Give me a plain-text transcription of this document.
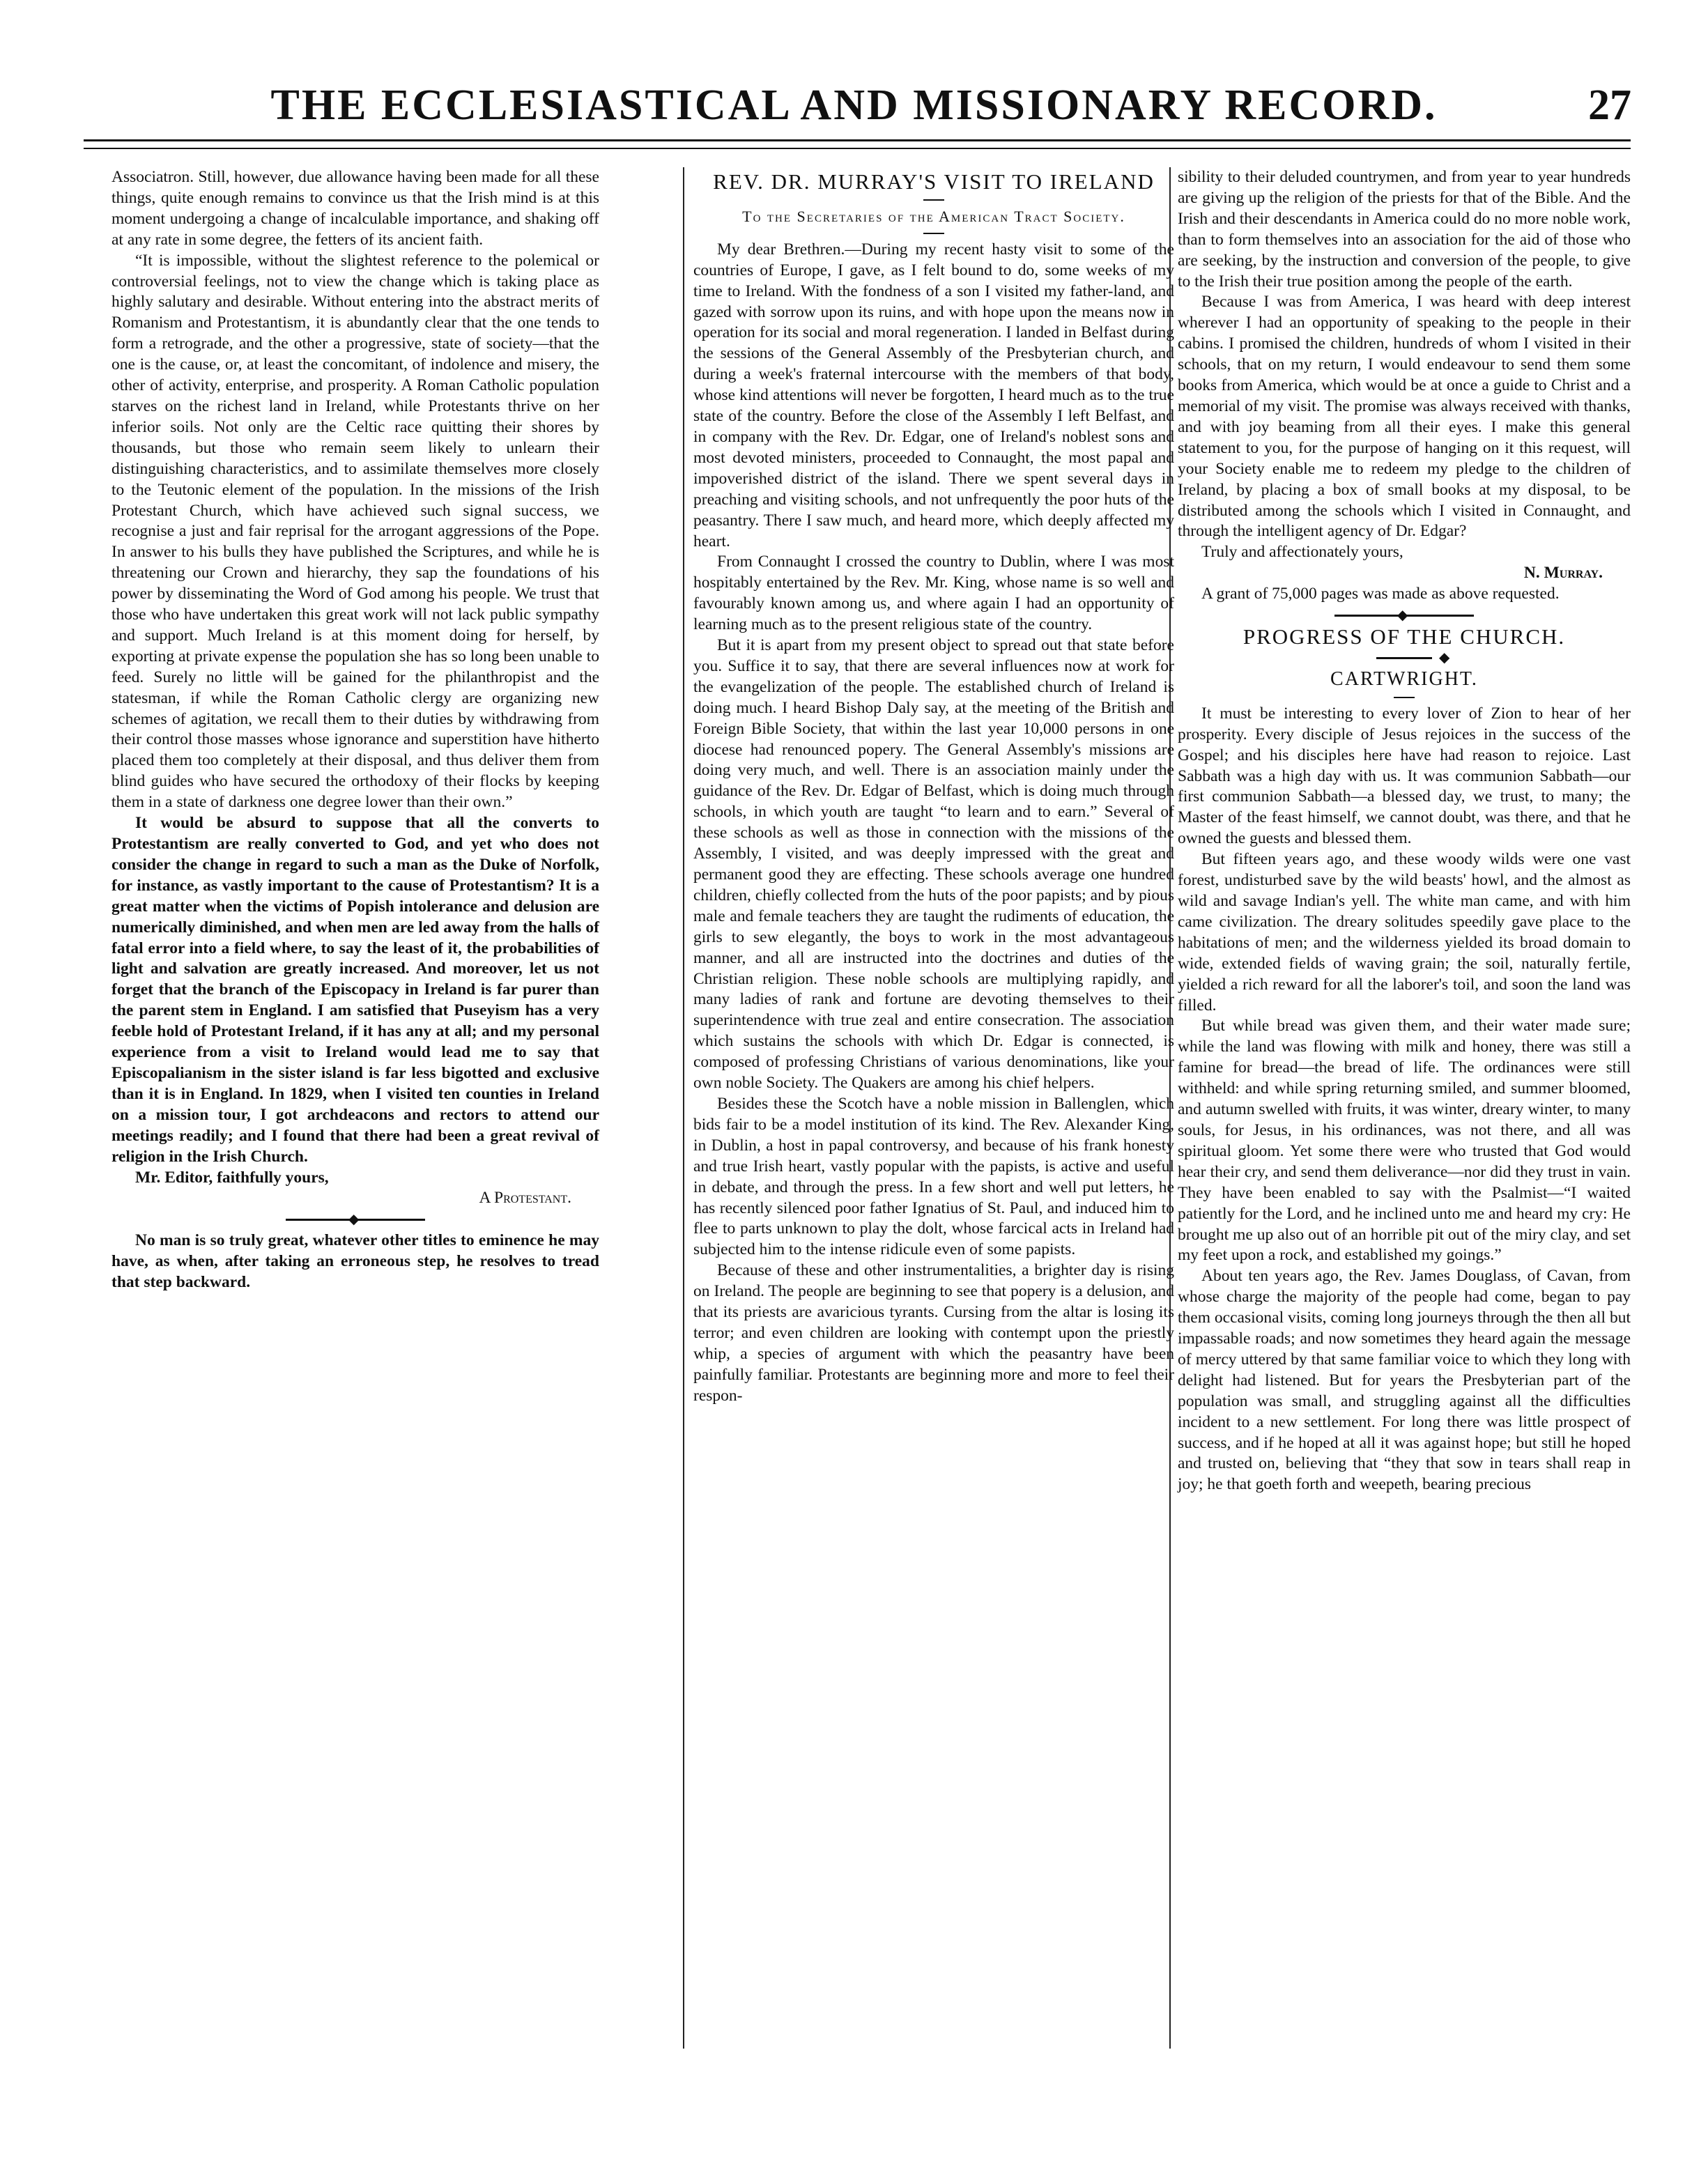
THE ECCLESIASTICAL AND MISSIONARY RECORD.	27

Associatron. Still, however, due allowance having been made for all these things, quite enough remains to convince us that the Irish mind is at this moment undergoing a change of incalculable importance, and shaking off at any rate in some degree, the fetters of its ancient faith.

“It is impossible, without the slightest reference to the polemical or controversial feelings, not to view the change which is taking place as highly salutary and desirable. Without entering into the abstract merits of Romanism and Protestantism, it is abundantly clear that the one tends to form a retrograde, and the other a progressive, state of society—that the one is the cause, or, at least the concomitant, of indolence and misery, the other of activity, enterprise, and prosperity. A Roman Catholic population starves on the richest land in Ireland, while Protestants thrive on her inferior soils. Not only are the Celtic race quitting their shores by thousands, but those who remain seem likely to unlearn their distinguishing characteristics, and to assimilate themselves more closely to the Teutonic element of the population. In the missions of the Irish Protestant Church, which have achieved such signal success, we recognise a just and fair reprisal for the arrogant aggressions of the Pope. In answer to his bulls they have published the Scriptures, and while he is threatening our Crown and hierarchy, they sap the foundations of his power by disseminating the Word of God among his people. We trust that those who have undertaken this great work will not lack public sympathy and support. Much Ireland is at this moment doing for herself, by exporting at private expense the population she has so long been unable to feed. Surely no little will be gained for the philanthropist and the statesman, if while the Roman Catholic clergy are organizing new schemes of agitation, we recall them to their duties by withdrawing from their control those masses whose ignorance and superstition have hitherto placed them too completely at their disposal, and thus deliver them from blind guides who have secured the orthodoxy of their flocks by keeping them in a state of darkness one degree lower than their own.”

It would be absurd to suppose that all the converts to Protestantism are really converted to God, and yet who does not consider the change in regard to such a man as the Duke of Norfolk, for instance, as vastly important to the cause of Protestantism? It is a great matter when the victims of Popish intolerance and delusion are numerically diminished, and when men are led away from the halls of fatal error into a field where, to say the least of it, the probabilities of light and salvation are greatly increased. And moreover, let us not forget that the branch of the Episcopacy in Ireland is far purer than the parent stem in England. I am satisfied that Puseyism has a very feeble hold of Protestant Ireland, if it has any at all; and my personal experience from a visit to Ireland would lead me to say that Episcopalianism in the sister island is far less bigotted and exclusive than it is in England. In 1829, when I visited ten counties in Ireland on a mission tour, I got archdeacons and rectors to attend our meetings readily; and I found that there had been a great revival of religion in the Irish Church.

Mr. Editor, faithfully yours,

A Protestant.

◆

No man is so truly great, whatever other titles to eminence he may have, as when, after taking an erroneous step, he resolves to tread that step backward.

REV. DR. MURRAY'S VISIT TO IRELAND
To the Secretaries of the American Tract Society.

My dear Brethren.—During my recent hasty visit to some of the countries of Europe, I gave, as I felt bound to do, some weeks of my time to Ireland. With the fondness of a son I visited my father-land, and gazed with sorrow upon its ruins, and with hope upon the means now in operation for its social and moral regeneration. I landed in Belfast during the sessions of the General Assembly of the Presbyterian church, and during a week's fraternal intercourse with the members of that body, whose kind attentions will never be forgotten, I heard much as to the true state of the country. Before the close of the Assembly I left Belfast, and in company with the Rev. Dr. Edgar, one of Ireland's noblest sons and most devoted ministers, proceeded to Connaught, the most papal and impoverished district of the island. There we spent several days in preaching and visiting schools, and not unfrequently the poor huts of the peasantry. There I saw much, and heard more, which deeply affected my heart.

From Connaught I crossed the country to Dublin, where I was most hospitably entertained by the Rev. Mr. King, whose name is so well and favourably known among us, and where again I had an opportunity of learning much as to the present religious state of the country.

But it is apart from my present object to spread out that state before you. Suffice it to say, that there are several influences now at work for the evangelization of the people. The established church of Ireland is doing much. I heard Bishop Daly say, at the meeting of the British and Foreign Bible Society, that within the last year 10,000 persons in one diocese had renounced popery. The General Assembly's missions are doing very much, and well. There is an association mainly under the guidance of the Rev. Dr. Edgar of Belfast, which is doing much through schools, in which youth are taught “to learn and to earn.” Several of these schools as well as those in connection with the missions of the Assembly, I visited, and was deeply impressed with the great and permanent good they are effecting. These schools average one hundred children, chiefly collected from the huts of the poor papists; and by pious male and female teachers they are taught the rudiments of education, the girls to sew elegantly, the boys to work in the most advantageous manner, and all are instructed into the doctrines and duties of the Christian religion. These noble schools are multiplying rapidly, and many ladies of rank and fortune are devoting themselves to their superintendence with true zeal and entire consecration. The association which sustains the schools with which Dr. Edgar is connected, is composed of professing Christians of various denominations, like your own noble Society. The Quakers are among his chief helpers.

Besides these the Scotch have a noble mission in Ballenglen, which bids fair to be a model institution of its kind. The Rev. Alexander King, in Dublin, a host in papal controversy, and because of his frank honesty and true Irish heart, vastly popular with the papists, is active and useful in debate, and through the press. In a few short and well put letters, he has recently silenced poor father Ignatius of St. Paul, and induced him to flee to parts unknown to play the dolt, whose farcical acts in Ireland had subjected him to the intense ridicule even of some papists.

Because of these and other instrumentalities, a brighter day is rising on Ireland. The people are beginning to see that popery is a delusion, and that its priests are avaricious tyrants. Cursing from the altar is losing its terror; and even children are looking with contempt upon the priestly whip, a species of argument with which the peasantry have been painfully familiar. Protestants are beginning more and more to feel their respon-

sibility to their deluded countrymen, and from year to year hundreds are giving up the religion of the priests for that of the Bible. And the Irish and their descendants in America could do no more noble work, than to form themselves into an association for the aid of those who are seeking, by the instruction and conversion of the people, to give to the Irish their true position among the people of the earth.

Because I was from America, I was heard with deep interest wherever I had an opportunity of speaking to the people in their cabins. I promised the children, hundreds of whom I visited in their schools, that on my return, I would endeavour to send them some books from America, which would be at once a guide to Christ and a memorial of my visit. The promise was always received with thanks, and with joy beaming from all their eyes. I make this general statement to you, for the purpose of hanging on it this request, will your Society enable me to redeem my pledge to the children of Ireland, by placing a box of small books at my disposal, to be distributed among the schools which I visited in Connaught, and through the intelligent agency of Dr. Edgar?

Truly and affectionately yours,

N. Murray.

A grant of 75,000 pages was made as above requested.

◆
PROGRESS OF THE CHURCH.
◆
CARTWRIGHT.

It must be interesting to every lover of Zion to hear of her prosperity. Every disciple of Jesus rejoices in the success of the Gospel; and his disciples here have had reason to rejoice. Last Sabbath was a high day with us. It was communion Sabbath—our first communion Sabbath—a blessed day, we trust, to many; the Master of the feast himself, we cannot doubt, was there, and that he owned the guests and blessed them.

But fifteen years ago, and these woody wilds were one vast forest, undisturbed save by the wild beasts' howl, and the almost as wild and savage Indian's yell. The white man came, and with him came civilization. The dreary solitudes speedily gave place to the habitations of men; and the wilderness yielded its broad domain to wide, extended fields of waving grain; the soil, naturally fertile, yielded a rich reward for all the laborer's toil, and soon the land was filled.

But while bread was given them, and their water made sure; while the land was flowing with milk and honey, there was still a famine for bread—the bread of life. The ordinances were still withheld: and while spring returning smiled, and summer bloomed, and autumn swelled with fruits, it was winter, dreary winter, to many souls, for Jesus, in his ordinances, was not there, and all was spiritual gloom. Yet some there were who trusted that God would hear their cry, and send them deliverance—nor did they trust in vain. They have been enabled to say with the Psalmist—“I waited patiently for the Lord, and he inclined unto me and heard my cry: He brought me up also out of an horrible pit out of the miry clay, and set my feet upon a rock, and established my goings.”

About ten years ago, the Rev. James Douglass, of Cavan, from whose charge the majority of the people had come, began to pay them occasional visits, coming long journeys through the then all but impassable roads; and now sometimes they heard again the message of mercy uttered by that same familiar voice to which they long with delight had listened. But for years the Presbyterian part of the population was small, and struggling against all the difficulties incident to a new settlement. For long there was little prospect of success, and if he hoped at all it was against hope; but still he hoped and trusted on, believing that “they that sow in tears shall reap in joy; he that goeth forth and weepeth, bearing precious
